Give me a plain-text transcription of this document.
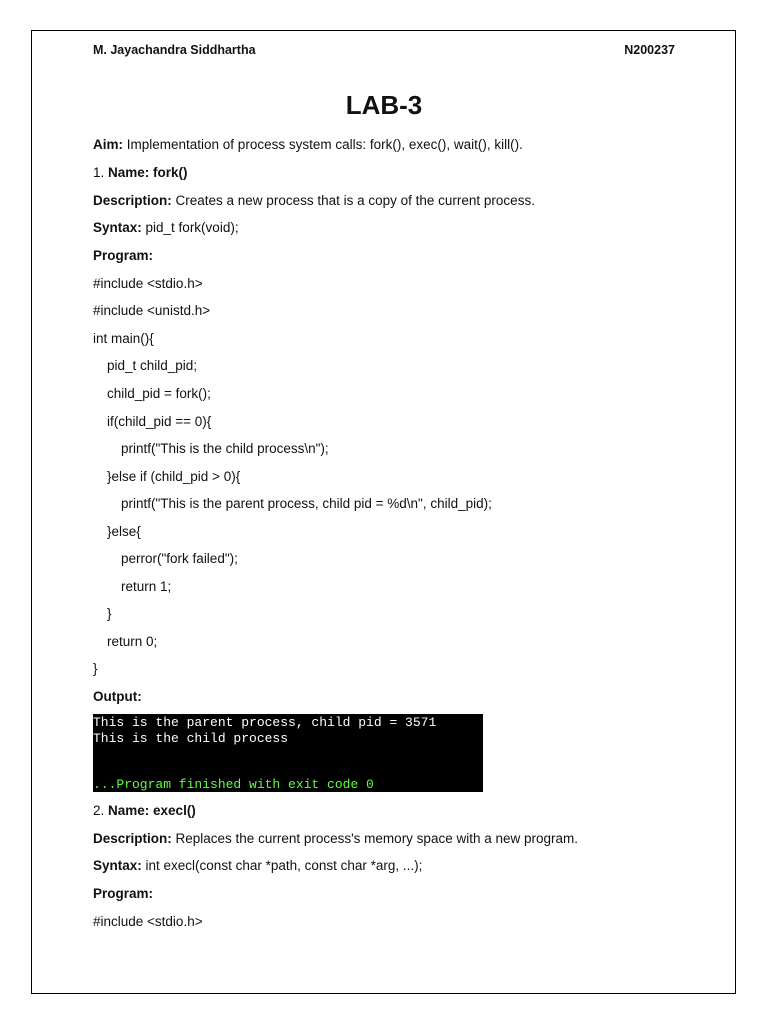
M. Jayachandra Siddhartha	N200237
LAB-3
Aim: Implementation of process system calls: fork(), exec(), wait(), kill().
1. Name: fork()
Description: Creates a new process that is a copy of the current process.
Syntax: pid_t fork(void);
Program:
#include <stdio.h>
#include <unistd.h>
int main(){
pid_t child_pid;
child_pid = fork();
if(child_pid == 0){
printf("This is the child process\n");
}else if (child_pid > 0){
printf("This is the parent process, child pid = %d\n", child_pid);
}else{
perror("fork failed");
return 1;
}
return 0;
}
Output:
This is the parent process, child pid = 3571
This is the child process
...Program finished with exit code 0
2. Name: execl()
Description: Replaces the current process's memory space with a new program.
Syntax: int execl(const char *path, const char *arg, ...);
Program:
#include <stdio.h>
